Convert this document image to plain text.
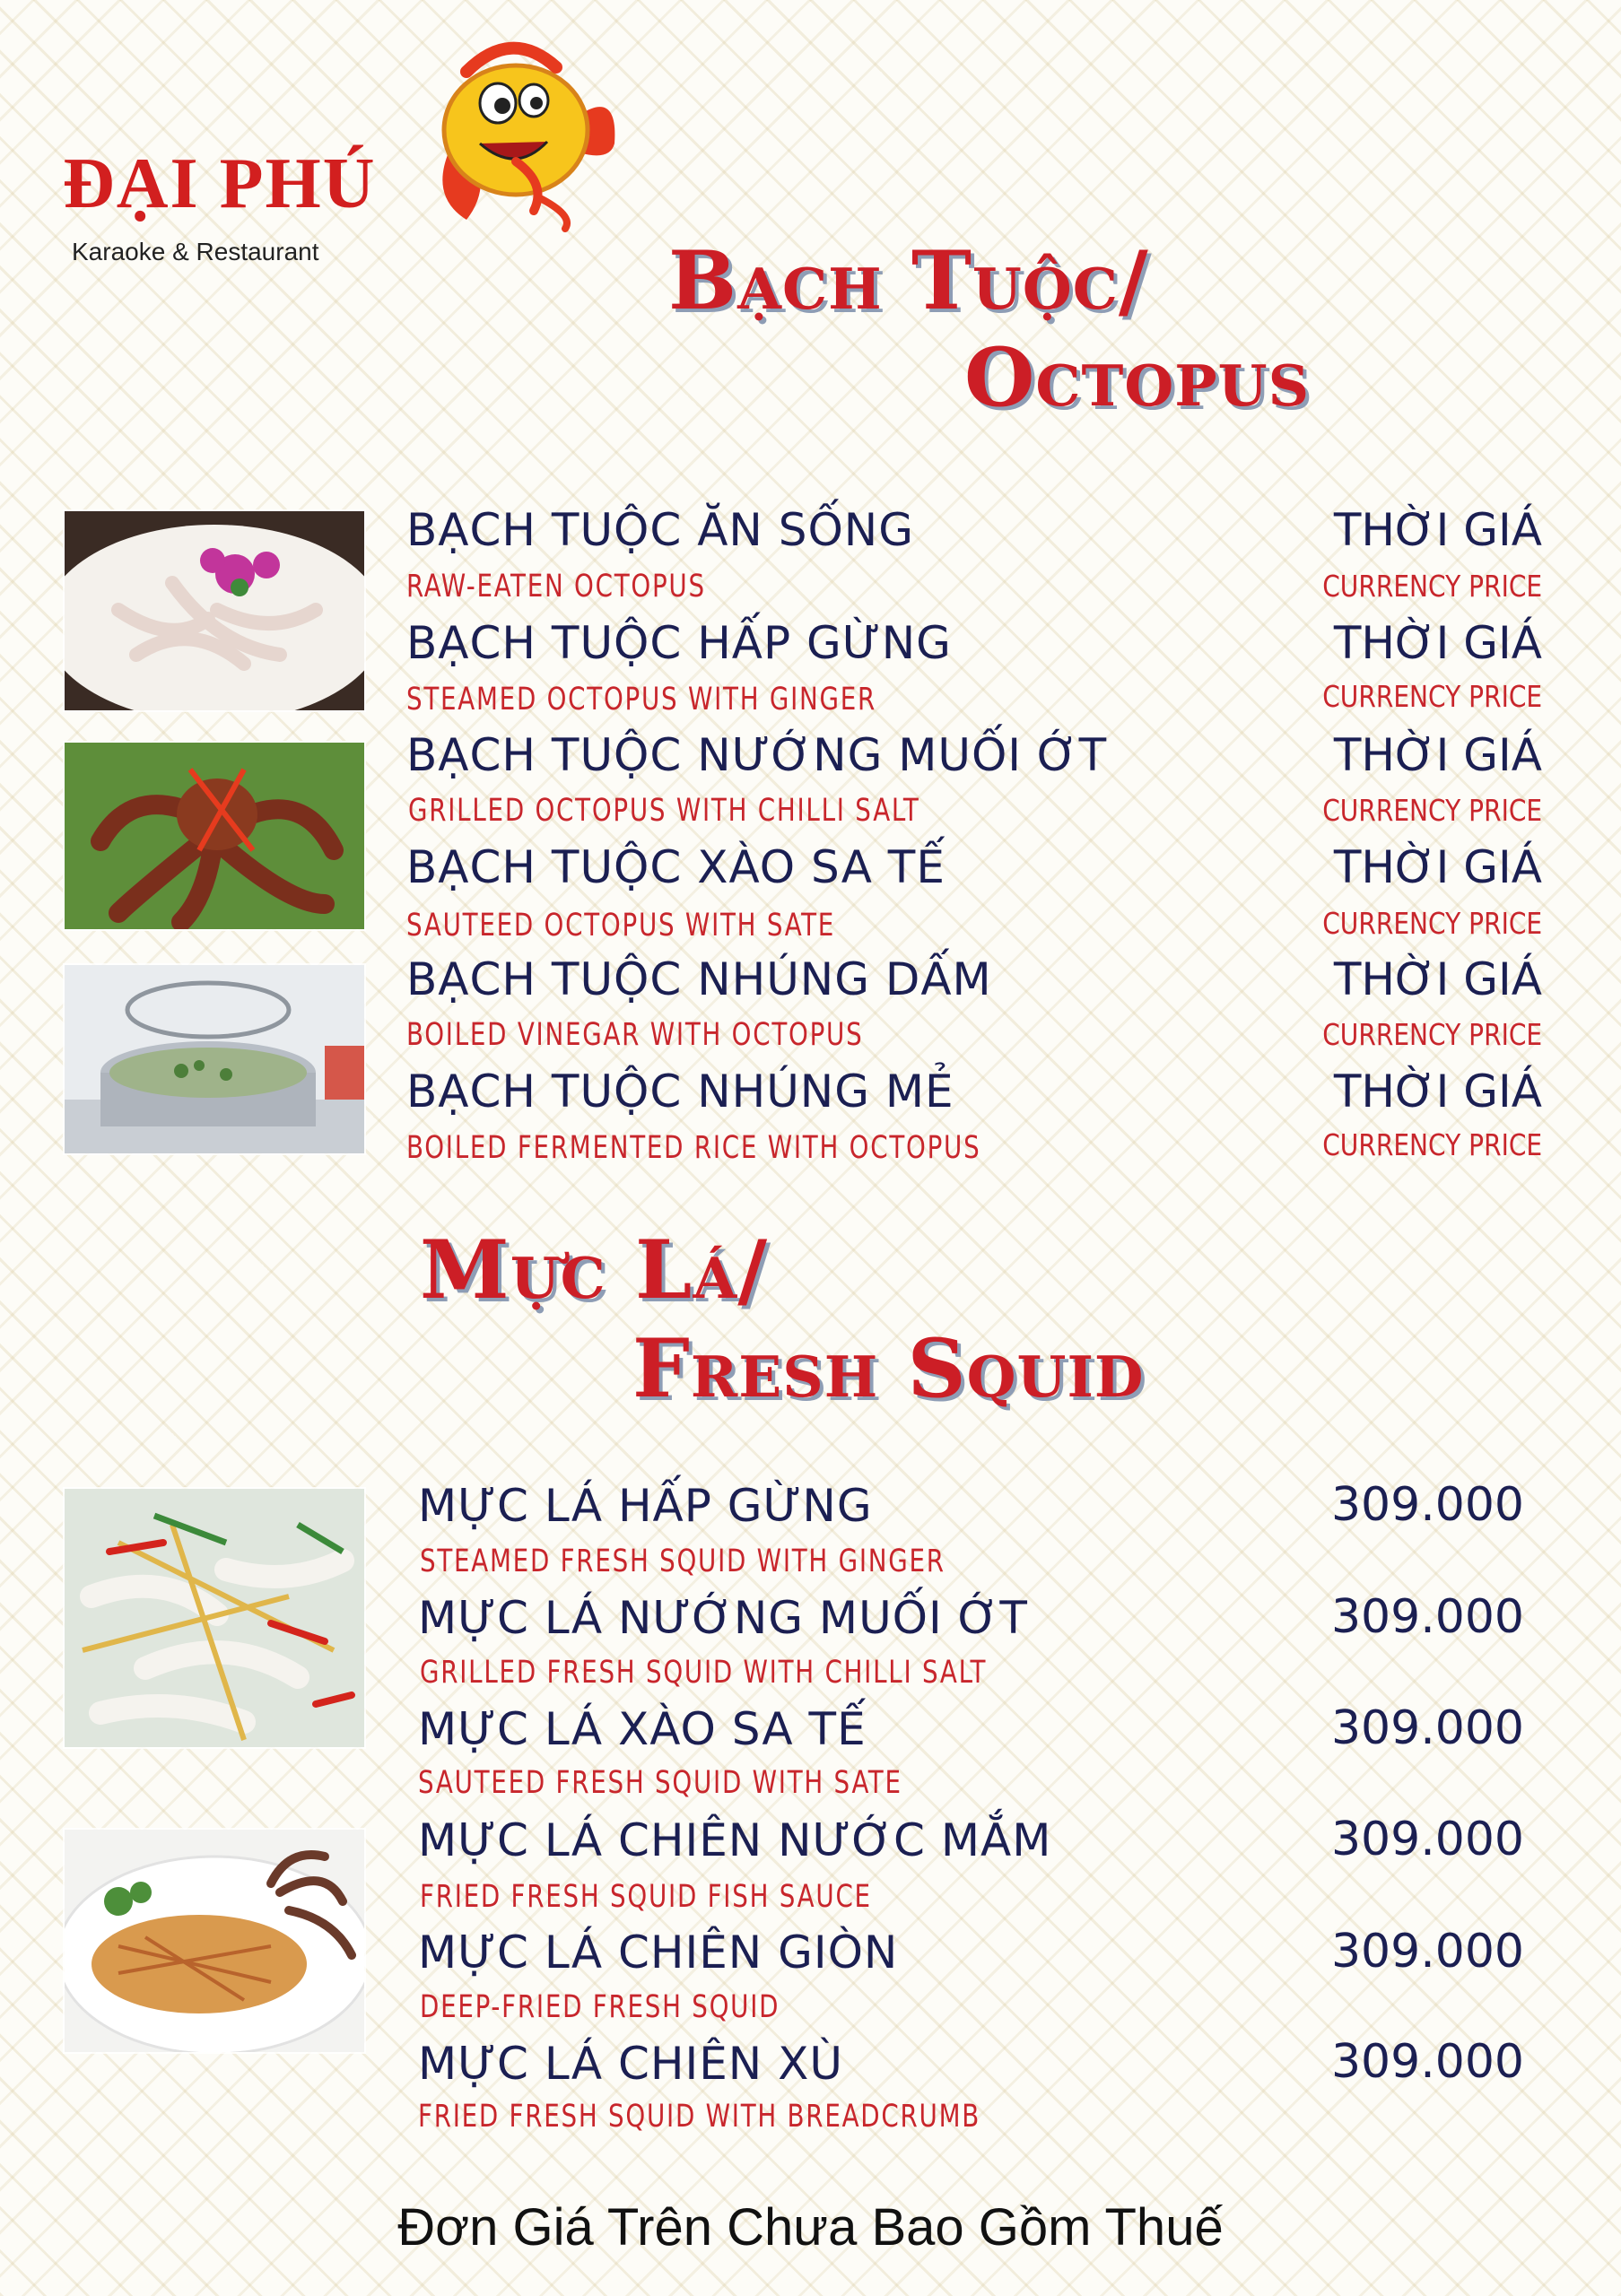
ĐẠI PHÚ
Karaoke & Restaurant	Bạch Tuộc/
Octopus
BẠCH TUỘC ĂN SỐNG
RAW-EATEN OCTOPUS
THỜI GIÁ
CURRENCY PRICE
BẠCH TUỘC HẤP GỪNG
STEAMED OCTOPUS WITH GINGER
THỜI GIÁ
CURRENCY PRICE
BẠCH TUỘC NƯỚNG MUỐI ỚT
GRILLED OCTOPUS WITH CHILLI SALT
THỜI GIÁ
CURRENCY PRICE
BẠCH TUỘC XÀO SA TẾ
SAUTEED OCTOPUS WITH SATE
THỜI GIÁ
CURRENCY PRICE
BẠCH TUỘC NHÚNG DẤM
BOILED VINEGAR WITH OCTOPUS
THỜI GIÁ
CURRENCY PRICE
BẠCH TUỘC NHÚNG MẺ
BOILED FERMENTED RICE WITH OCTOPUS
THỜI GIÁ
CURRENCY PRICE
Mực Lá/
Fresh Squid
MỰC LÁ HẤP GỪNG
STEAMED FRESH SQUID WITH GINGER
309.000
MỰC LÁ NƯỚNG MUỐI ỚT
GRILLED FRESH SQUID WITH CHILLI SALT
309.000
MỰC LÁ XÀO SA TẾ
SAUTEED FRESH SQUID WITH SATE
309.000
MỰC LÁ CHIÊN NƯỚC MẮM
FRIED FRESH SQUID FISH SAUCE
309.000
MỰC LÁ CHIÊN GIÒN
DEEP-FRIED FRESH SQUID
309.000
MỰC LÁ CHIÊN XÙ
FRIED FRESH SQUID WITH BREADCRUMB
309.000
Đơn Giá Trên Chưa Bao Gồm Thuế
